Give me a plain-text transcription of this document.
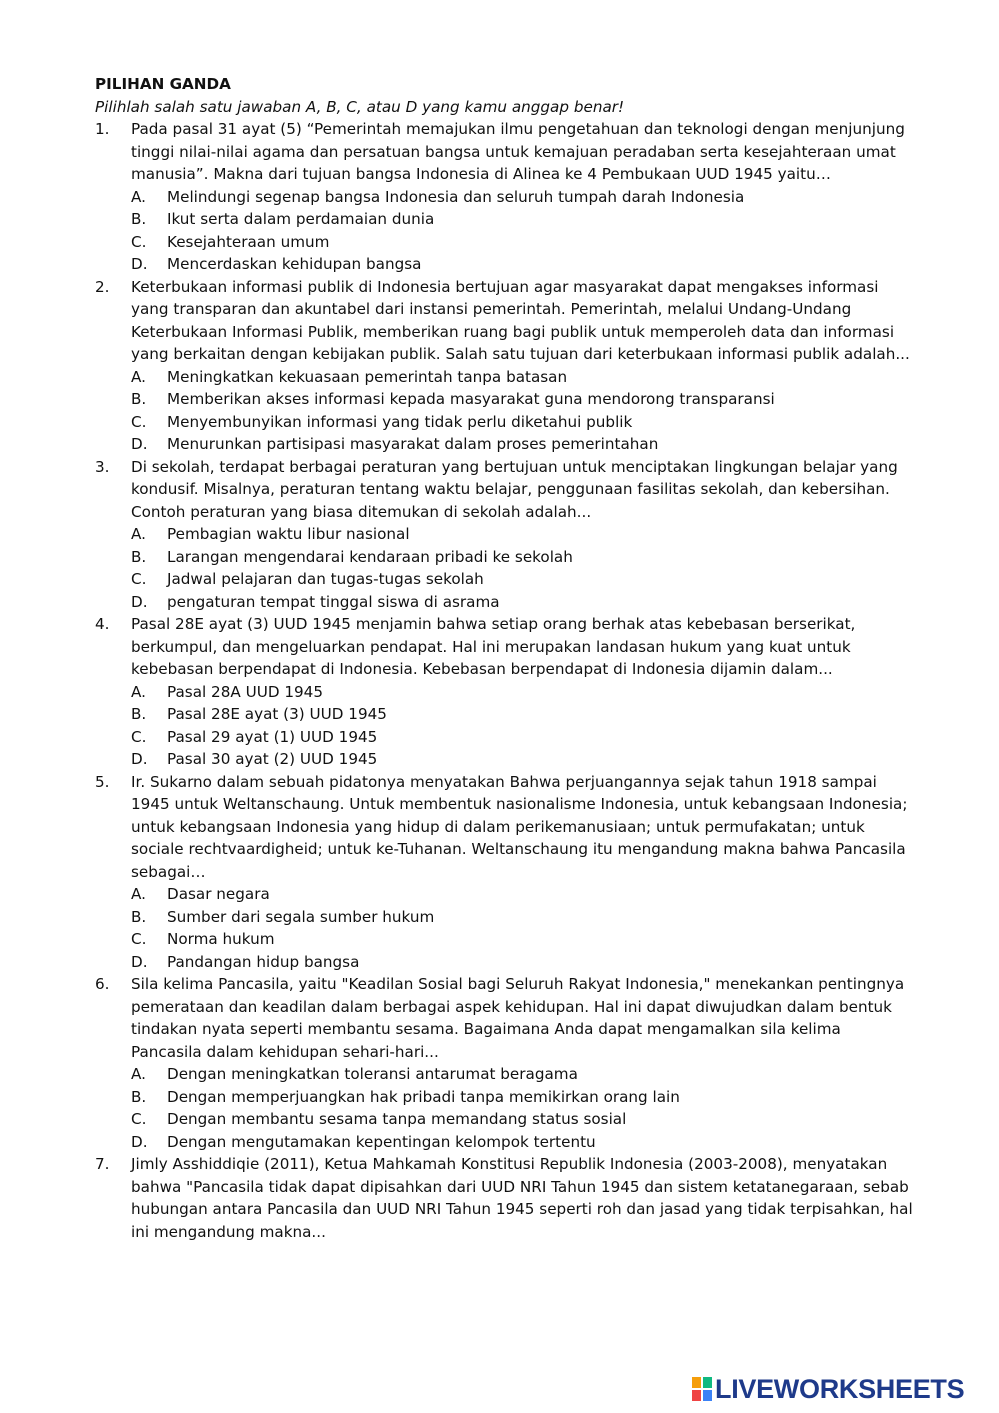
PILIHAN GANDA
Pilihlah salah satu jawaban A, B, C, atau D yang kamu anggap benar!
1. Pada pasal 31 ayat (5) “Pemerintah memajukan ilmu pengetahuan dan teknologi dengan menjunjung tinggi nilai-nilai agama dan persatuan bangsa untuk kemajuan peradaban serta kesejahteraan umat manusia”. Makna dari tujuan bangsa Indonesia di Alinea ke 4 Pembukaan UUD 1945 yaitu…
A. Melindungi segenap bangsa Indonesia dan seluruh tumpah darah Indonesia
B. Ikut serta dalam perdamaian dunia
C. Kesejahteraan umum
D. Mencerdaskan kehidupan bangsa
2. Keterbukaan informasi publik di Indonesia bertujuan agar masyarakat dapat mengakses informasi yang transparan dan akuntabel dari instansi pemerintah. Pemerintah, melalui Undang-Undang Keterbukaan Informasi Publik, memberikan ruang bagi publik untuk memperoleh data dan informasi yang berkaitan dengan kebijakan publik. Salah satu tujuan dari keterbukaan informasi publik adalah...
A. Meningkatkan kekuasaan pemerintah tanpa batasan
B. Memberikan akses informasi kepada masyarakat guna mendorong transparansi
C. Menyembunyikan informasi yang tidak perlu diketahui publik
D. Menurunkan partisipasi masyarakat dalam proses pemerintahan
3. Di sekolah, terdapat berbagai peraturan yang bertujuan untuk menciptakan lingkungan belajar yang kondusif. Misalnya, peraturan tentang waktu belajar, penggunaan fasilitas sekolah, dan kebersihan. Contoh peraturan yang biasa ditemukan di sekolah adalah...
A. Pembagian waktu libur nasional
B. Larangan mengendarai kendaraan pribadi ke sekolah
C. Jadwal pelajaran dan tugas-tugas sekolah
D. pengaturan tempat tinggal siswa di asrama
4. Pasal 28E ayat (3) UUD 1945 menjamin bahwa setiap orang berhak atas kebebasan berserikat, berkumpul, dan mengeluarkan pendapat. Hal ini merupakan landasan hukum yang kuat untuk kebebasan berpendapat di Indonesia. Kebebasan berpendapat di Indonesia dijamin dalam...
A. Pasal 28A UUD 1945
B. Pasal 28E ayat (3) UUD 1945
C. Pasal 29 ayat (1) UUD 1945
D. Pasal 30 ayat (2) UUD 1945
5. Ir. Sukarno dalam sebuah pidatonya menyatakan Bahwa perjuangannya sejak tahun 1918 sampai 1945 untuk Weltanschaung. Untuk membentuk nasionalisme Indonesia, untuk kebangsaan Indonesia; untuk kebangsaan Indonesia yang hidup di dalam perikemanusiaan; untuk permufakatan; untuk sociale rechtvaardigheid; untuk ke-Tuhanan. Weltanschaung itu mengandung makna bahwa Pancasila sebagai…
A. Dasar negara
B. Sumber dari segala sumber hukum
C. Norma hukum
D. Pandangan hidup bangsa
6. Sila kelima Pancasila, yaitu "Keadilan Sosial bagi Seluruh Rakyat Indonesia," menekankan pentingnya pemerataan dan keadilan dalam berbagai aspek kehidupan. Hal ini dapat diwujudkan dalam bentuk tindakan nyata seperti membantu sesama. Bagaimana Anda dapat mengamalkan sila kelima Pancasila dalam kehidupan sehari-hari...
A. Dengan meningkatkan toleransi antarumat beragama
B. Dengan memperjuangkan hak pribadi tanpa memikirkan orang lain
C. Dengan membantu sesama tanpa memandang status sosial
D. Dengan mengutamakan kepentingan kelompok tertentu
7. Jimly Asshiddiqie (2011), Ketua Mahkamah Konstitusi Republik Indonesia (2003-2008), menyatakan bahwa "Pancasila tidak dapat dipisahkan dari UUD NRI Tahun 1945 dan sistem ketatanegaraan, sebab hubungan antara Pancasila dan UUD NRI Tahun 1945 seperti roh dan jasad yang tidak terpisahkan, hal ini mengandung makna...
LIVEWORKSHEETS
